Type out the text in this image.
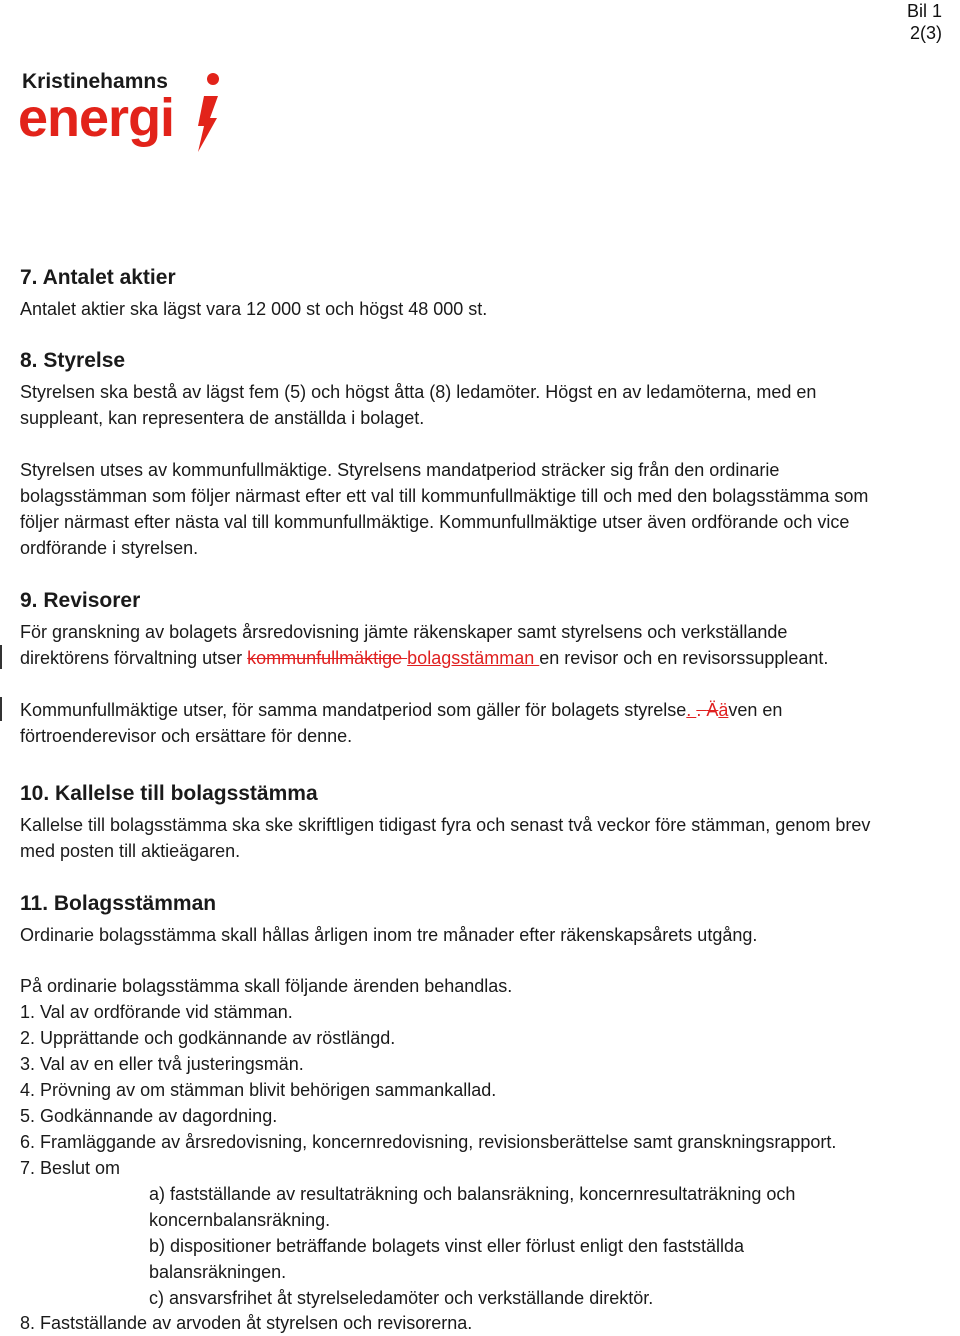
Bil 1
2(3)
Kristinehamns
energi
7. Antalet aktier
Antalet aktier ska lägst vara 12 000 st och högst 48 000 st.
8. Styrelse
Styrelsen ska bestå av lägst fem (5) och högst åtta (8) ledamöter. Högst en av ledamöterna, med en
suppleant, kan representera de anställda i bolaget.
Styrelsen utses av kommunfullmäktige. Styrelsens mandatperiod sträcker sig från den ordinarie
bolagsstämman som följer närmast efter ett val till kommunfullmäktige till och med den bolagsstämma som
följer närmast efter nästa val till kommunfullmäktige. Kommunfullmäktige utser även ordförande och vice
ordförande i styrelsen.
9. Revisorer
För granskning av bolagets årsredovisning jämte räkenskaper samt styrelsens och verkställande
direktörens förvaltning utser kommunfullmäktige bolagsstämman en revisor och en revisorssuppleant.
Kommunfullmäktige utser, för samma mandatperiod som gäller för bolagets styrelse. . Ääven en
förtroenderevisor och ersättare för denne.
10. Kallelse till bolagsstämma
Kallelse till bolagsstämma ska ske skriftligen tidigast fyra och senast två veckor före stämman, genom brev
med posten till aktieägaren.
11. Bolagsstämman
Ordinarie bolagsstämma skall hållas årligen inom tre månader efter räkenskapsårets utgång.
På ordinarie bolagsstämma skall följande ärenden behandlas.
1. Val av ordförande vid stämman.
2. Upprättande och godkännande av röstlängd.
3. Val av en eller två justeringsmän.
4. Prövning av om stämman blivit behörigen sammankallad.
5. Godkännande av dagordning.
6. Framläggande av årsredovisning, koncernredovisning, revisionsberättelse samt granskningsrapport.
7. Beslut om
a) fastställande av resultaträkning och balansräkning, koncernresultaträkning och
koncernbalansräkning.
b) dispositioner beträffande bolagets vinst eller förlust enligt den fastställda
balansräkningen.
c) ansvarsfrihet åt styrelseledamöter och verkställande direktör.
8. Fastställande av arvoden åt styrelsen och revisorerna.
